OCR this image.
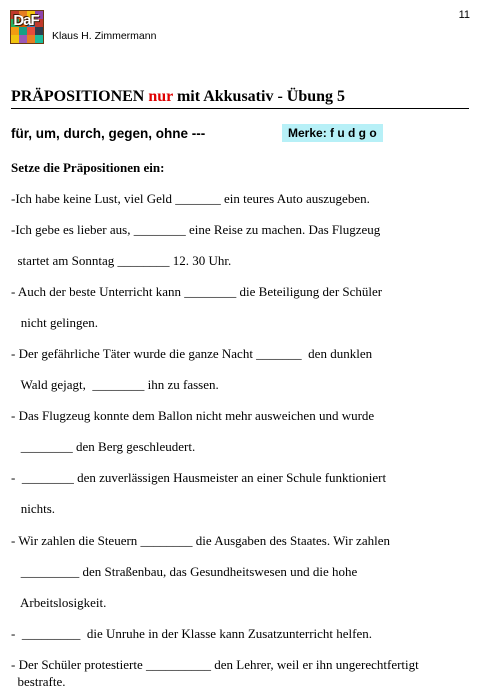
11
DaF
Klaus H. Zimmermann
PRÄPOSITIONEN nur mit Akkusativ - Übung 5
für, um, durch, gegen, ohne ---	Merke: f u d g o
Setze die Präpositionen ein:
-Ich habe keine Lust, viel Geld _______ ein teures Auto auszugeben.
-Ich gebe es lieber aus, ________ eine Reise zu machen. Das Flugzeug
startet am Sonntag ________ 12. 30 Uhr.
- Auch der beste Unterricht kann ________ die Beteiligung der Schüler
nicht gelingen.
- Der gefährliche Täter wurde die ganze Nacht _______  den dunklen
Wald gejagt,  ________ ihn zu fassen.
- Das Flugzeug konnte dem Ballon nicht mehr ausweichen und wurde
________ den Berg geschleudert.
-  ________ den zuverlässigen Hausmeister an einer Schule funktioniert
nichts.
- Wir zahlen die Steuern ________ die Ausgaben des Staates. Wir zahlen
_________ den Straßenbau, das Gesundheitswesen und die hohe
Arbeitslosigkeit.
-  _________  die Unruhe in der Klasse kann Zusatzunterricht helfen.
- Der Schüler protestierte __________ den Lehrer, weil er ihn ungerechtfertigt
bestrafte.
